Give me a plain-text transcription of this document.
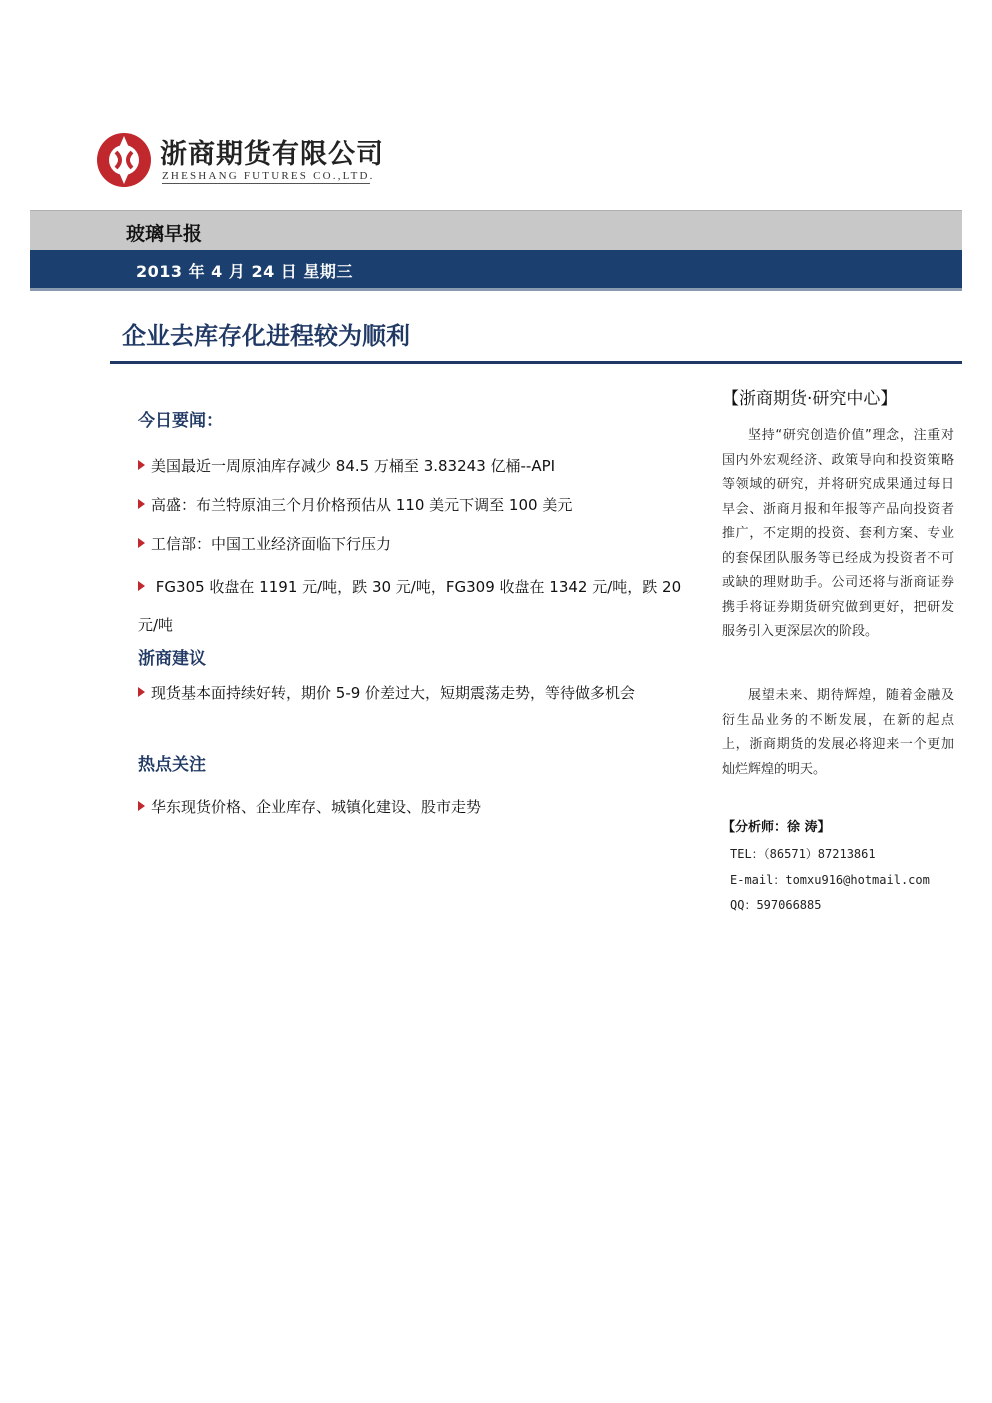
浙商期货有限公司
ZHESHANG FUTURES CO.,LTD.
玻璃早报
2013 年 4 月 24 日 星期三
企业去库存化进程较为顺利
今日要闻：
美国最近一周原油库存减少 84.5 万桶至 3.83243 亿桶--API
高盛：布兰特原油三个月价格预估从 110 美元下调至 100 美元
工信部：中国工业经济面临下行压力
FG305 收盘在 1191 元/吨，跌 30 元/吨，FG309 收盘在 1342 元/吨，跌 20 元/吨
浙商建议
现货基本面持续好转，期价 5-9 价差过大，短期震荡走势，等待做多机会
热点关注
华东现货价格、企业库存、城镇化建设、股市走势
【浙商期货·研究中心】
坚持“研究创造价值”理念，注重对国内外宏观经济、政策导向和投资策略等领域的研究，并将研究成果通过每日早会、浙商月报和年报等产品向投资者推广，不定期的投资、套利方案、专业的套保团队服务等已经成为投资者不可或缺的理财助手。公司还将与浙商证券携手将证券期货研究做到更好，把研发服务引入更深层次的阶段。
展望未来、期待辉煌，随着金融及衍生品业务的不断发展，在新的起点上，浙商期货的发展必将迎来一个更加灿烂辉煌的明天。
【分析师：徐 涛】
TEL：（86571）87213861
E-mail：tomxu916@hotmail.com
QQ：597066885
